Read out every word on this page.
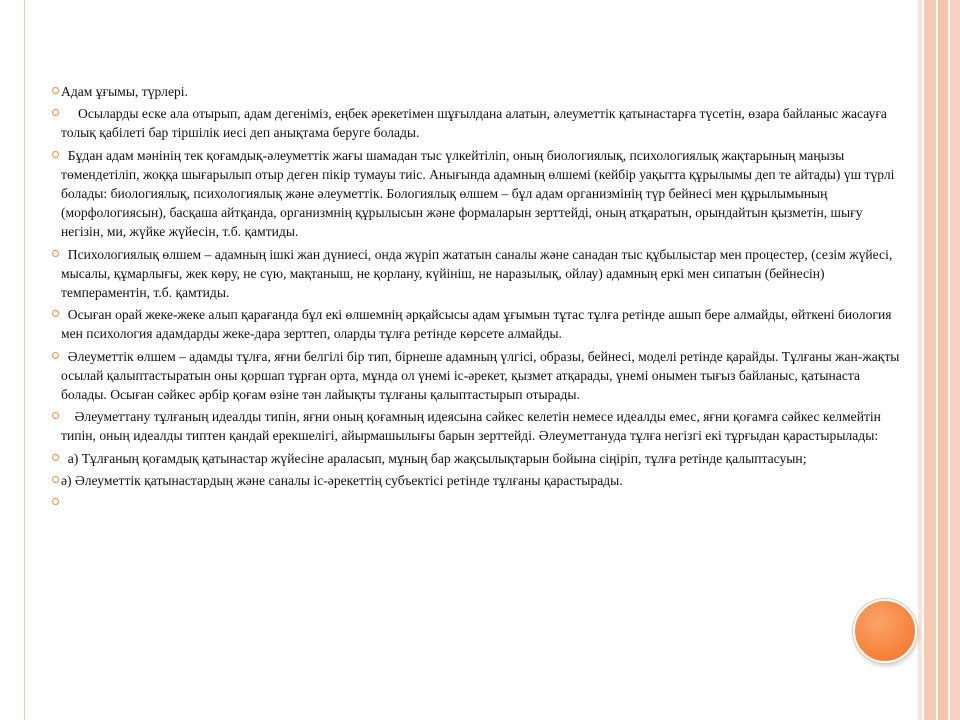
Адам ұғымы, түрлері.
Осыларды еске ала отырып, адам дегеніміз, еңбек әрекетімен шұғылдана алатын, әлеуметтік қатынастарға түсетін, өзара байланыс жасауға толық қабілеті бар тіршілік иесі деп анықтама беруге болады.
Бұдан адам мәнінің тек қоғамдық-әлеуметтік жағы шамадан тыс үлкейтіліп, оның биологиялық, психологиялық жақтарының маңызы төмендетіліп, жоққа шығарылып отыр деген пікір тумауы тиіс. Анығында адамның өлшемі (кейбір уақытта құрылымы деп те айтады) үш түрлі болады: биологиялық, психологиялық және әлеуметтік. Бологиялық өлшем – бұл адам организмінің түр бейнесі мен құрылымының (морфологиясын), басқаша айтқанда, организмнің құрылысын және формаларын зерттейді, оның атқаратын, орындайтын қызметін, шығу негізін, ми, жүйке жүйесін, т.б. қамтиды.
Психологиялық өлшем – адамның ішкі жан дүниесі, онда жүріп жататын саналы және санадан тыс құбылыстар мен процестер, (сезім жүйесі, мысалы, құмарлығы, жек көру, не сүю, мақтаныш, не қорлану, күйініш, не наразылық, ойлау) адамның еркі мен сипатын (бейнесін) темпераментін, т.б. қамтиды.
Осыған орай жеке-жеке алып қарағанда бұл екі өлшемнің әрқайсысы адам ұғымын тұтас тұлға ретінде ашып бере алмайды, өйткені биология мен психология адамдарды жеке-дара зерттеп, оларды тұлға ретінде көрсете алмайды.
Әлеуметтік өлшем – адамды тұлға, яғни белгілі бір тип, бірнеше адамның үлгісі, образы, бейнесі, моделі ретінде қарайды. Тұлғаны жан-жақты осылай қалыптастыратын оны қоршап тұрған орта, мұнда ол үнемі іс-әрекет, қызмет атқарады, үнемі онымен тығыз байланыс, қатынаста болады. Осыған сәйкес әрбір қоғам өзіне тән лайықты тұлғаны қалыптастырып отырады.
Әлеуметтану тұлғаның идеалды типін, яғни оның қоғамның идеясына сәйкес келетін немесе идеалды емес, яғни қоғамға сәйкес келмейтін типін, оның идеалды типтен қандай ерекшелігі, айырмашылығы барын зерттейді. Әлеуметтануда тұлға негізгі екі тұрғыдан қарастырылады:
а) Тұлғаның қоғамдық қатынастар жүйесіне араласып, мұның бар жақсылықтарын бойына сіңіріп, тұлға ретінде қалыптасуын;
ә) Әлеуметтік қатынастардың және саналы іс-әрекеттің субъектісі ретінде тұлғаны қарастырады.
